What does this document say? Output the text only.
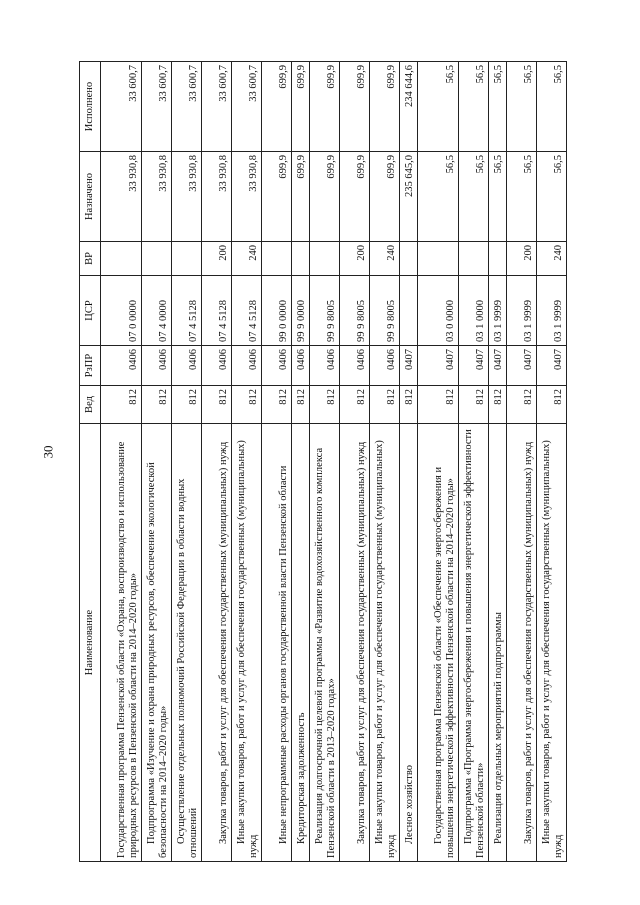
30
Наименование	Вед	РзПР	ЦСР	ВР	Назначено	Исполнено
Государственная программа Пензенской области «Охрана, воспроизводство и использование природных ресурсов в Пензенской области на 2014–2020 годы»	812	0406	07 0 0000		33 930,8	33 600,7
Подпрограмма «Изучение и охрана природных ресурсов, обеспечение экологической безопасности на 2014–2020 годы»	812	0406	07 4 0000		33 930,8	33 600,7
Осуществление отдельных полномочий Российской Федерации в области водных отношений	812	0406	07 4 5128		33 930,8	33 600,7
Закупка товаров, работ и услуг для обеспечения государственных (муниципальных) нужд	812	0406	07 4 5128	200	33 930,8	33 600,7
Иные закупки товаров, работ и услуг для обеспечения государственных (муниципальных) нужд	812	0406	07 4 5128	240	33 930,8	33 600,7
Иные непрограммные расходы органов государственной власти Пензенской области	812	0406	99 0 0000		699,9	699,9
Кредиторская задолженность	812	0406	99 9 0000		699,9	699,9
Реализация долгосрочной целевой программы «Развитие водохозяйственного комплекса Пензенской области в 2013–2020 годах»	812	0406	99 9 8005		699,9	699,9
Закупка товаров, работ и услуг для обеспечения государственных (муниципальных) нужд	812	0406	99 9 8005	200	699,9	699,9
Иные закупки товаров, работ и услуг для обеспечения государственных (муниципальных) нужд	812	0406	99 9 8005	240	699,9	699,9
Лесное хозяйство	812	0407			235 645,0	234 644,6
Государственная программа Пензенской области «Обеспечение энергосбережения и повышения энергетической эффективности Пензенской области на 2014–2020 годы»	812	0407	03 0 0000		56,5	56,5
Подпрограмма «Программа энергосбережения и повышения энергетической эффективности Пензенской области»	812	0407	03 1 0000		56,5	56,5
Реализация отдельных мероприятий подпрограммы	812	0407	03 1 9999		56,5	56,5
Закупка товаров, работ и услуг для обеспечения государственных (муниципальных) нужд	812	0407	03 1 9999	200	56,5	56,5
Иные закупки товаров, работ и услуг для обеспечения государственных (муниципальных) нужд	812	0407	03 1 9999	240	56,5	56,5
